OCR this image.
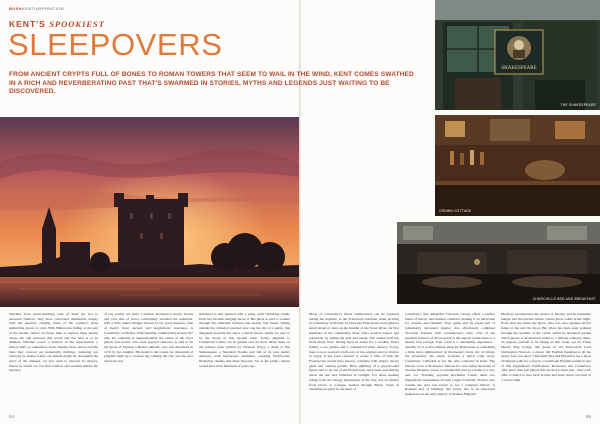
BUSHKENTINSPIRATION
KENT'S SPOOKIEST
SLEEPOVERS
Whether from urban-dwelling tales of Kent are lost to ancestral folklore, they have concerned themselves deeply with the spectral, ranging some of the country's most enthralling places to visit. With Halloween falling at the end of the month, there's no better time to explore these haunts where the veil between this world and the next is at its thinnest. Whether you're a believer in the supernatural, a history buff, or somewhere in the middle, these places and the tales they conceal are undeniably thrilling, capturing our curiosity no matter where our beliefs might lie. Alongside the story of the unusual, we also seek to uncover its history. Places in which we can find comfort and warmth amidst the mystery.
of our county are eerie. Castillon Rochester's dreary streets and cave side of terror comfortably revealed the solutions, with a little added intrigue thrown in for good measure. One of Kent's most ancient and magnificent structures is Canterbury Cathedral. With building commencing around 597 AD, the cathedral is unquestionably the centre of the city's ghosts and stories. One such spectral character is said to be the ghost of Thomas a Becket himself, who was murdered in 1170 by two knights. His death is the reason for thousands of pilgrims right up to present day visiting the city, and the spot where he was
murdered is still marked with a plain, unlit flickering candle from two months banging above it. His ghost is said to wander through the cathedral cloisters and nearby Sun Street. Sitting outside the cathedral precinct near one the site of a pump, this disguised wayside inn and a cocktail haven, which are sure to be the blood of this ancient saint. Today, pilgrims to Canterbury's ruins can be guided and are most likely there on the famous tales written by Chaucer. Enjoy a drink at The Shakespeare, a Shepherd Neame pub full of its own quirky antiques, with mysterious chambers, creaking floorboards, flickering candles and Kent flavours. Set in the plains, ghosts would have their hundreds of years ago.
64
FROM ANCIENT CRYPTS FULL OF BONES TO ROMAN TOWERS THAT SEEM TO WAIL IN THE WIND, KENT COMES SWATHED IN A RICH AND REVERBERATING PAST THAT'S SWARMED IN STORIES, MYTHS AND LEGENDS JUST WAITING TO BE DISCOVERED.
SHAKESPEARE
THE SHAKESPEARE
CROWN COTTAGE
CHURCHILLS BED AND BREAKFAST
Many of Canterbury's finest architectures can be explored during the daytime, at the Franciscan Gardens. After arriving in Canterbury from Italy in 1224, the Franciscans were gifted a small island of land on the middle of the Stour River. Its first members of the community, these friars needed respect and popularity by aiding the sick and needy. The quieter half has lived many lives, having been an estate for a wealthy Tudor family, a tea garden and a commercial plant nursery. Today, there is now restored a half-acre of the original site for visitors to enjoy, it has been restored to evoke a time of both the Franciscans would have known, complete with chapel, cherry garth and visiting garden. Here sightings of a grey-hooded figure said to be one of the Franciscans, have been seen flitting about the site and cathedral in twilight. For those seeking refuge from the energy happenings of the city, rest on further from Dover at Cottage, nestled through Blean, Stour. A charming property in the heart of
Canterbury, this delightful Victorian cottage offers a perfect blend of history and modern comforts, making it an ideal base for couples and families. Your guide and its expert full of remarkably decorated interior that effortlessly combines Victorian features with contemporary style. One of the standout features of the property is the superb connections to a nearby true cottage. Your voted it a remarkable experience - whether it's a twelve minute ideal for Halloween or something a little more lighthearted. In Rochester's more dry of things, the proprietor, the Ghost provides a quick walk away. Canterbury Cathedral is not the only cathedral in Kent. The historic town of Rochester, famous for once being the home of Charles Dickens, boasts a considerable past as a home to a war, and, too. Standing opposite Rochester Castle, these two magnificent monuments sit with a sight to behold. Visitors who wander the area can expect to see a complete history of Romans and of building, this priory lies of an important seamstress in the early history of Roman England.
Medway encompasses the stories of Moody and an insatiable hunger and the lawless inside, whose ghost walks in the night. Even after the battle the ghost, who was once pushed off her father to die and the moat, Her ghost has been seen walking through the gardens of the castle. Amid its shattered garden which guests of Rochester's brand to a famous walkway there. To prepare yourself to be taking on this castle, opt for Three Ducks' Ship Lodge, this grade of old Tudor-style Lord Christopher Stewart, a classic full English breakfast is all the hearty fare you need. Churchills Bed and Breakfast are a short 10 minute walk for a stay in a traditional English setting in any of this magnificent fortification. Rochester and Canterbury offer more than just ghosts that are tied to their past - they each offer a chance to step back in time and learn about old tales of a slower time.
65
